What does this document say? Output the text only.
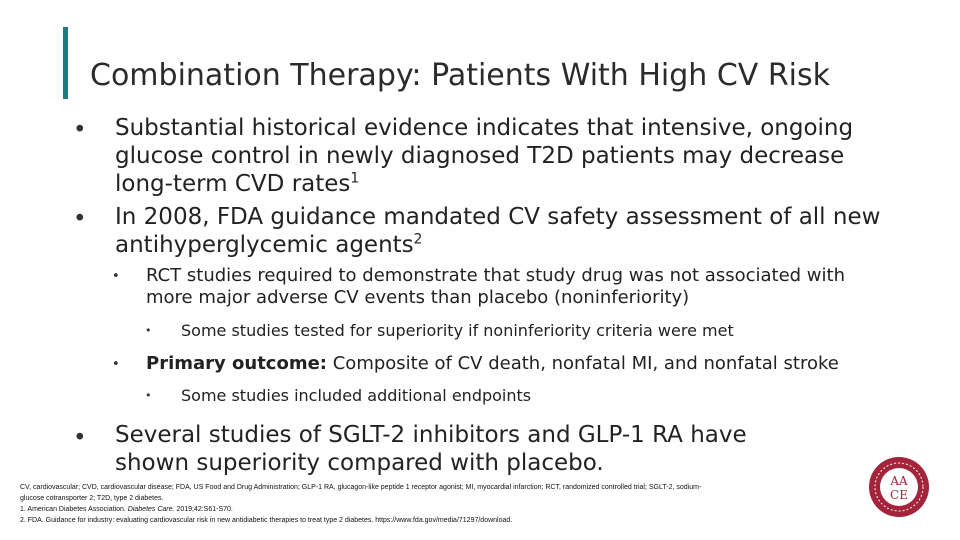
Combination Therapy: Patients With High CV Risk
• Substantial historical evidence indicates that intensive, ongoing
glucose control in newly diagnosed T2D patients may decrease
long-term CVD rates$^1$
• In 2008, FDA guidance mandated CV safety assessment of all new
antihyperglycemic agents$^2$
• RCT studies required to demonstrate that study drug was not associated with
more major adverse CV events than placebo (noninferiority)
• Some studies tested for superiority if noninferiority criteria were met
• Primary outcome: Composite of CV death, nonfatal MI, and nonfatal stroke
• Some studies included additional endpoints
• Several studies of SGLT-2 inhibitors and GLP-1 RA have
shown superiority compared with placebo.
CV, cardiovascular; CVD, cardiovascular disease; FDA, US Food and Drug Administration; GLP-1 RA, glucagon-like peptide 1 receptor agonist; MI, myocardial infarction; RCT, randomized controlled trial; SGLT-2, sodium-
glucose cotransporter 2; T2D, type 2 diabetes.
1. American Diabetes Association. Diabetes Care. 2019;42:S61-S70.
2. FDA. Guidance for industry: evaluating cardiovascular risk in new antidiabetic therapies to treat type 2 diabetes. https://www.fda.gov/media/71297/download.
AA
CE
